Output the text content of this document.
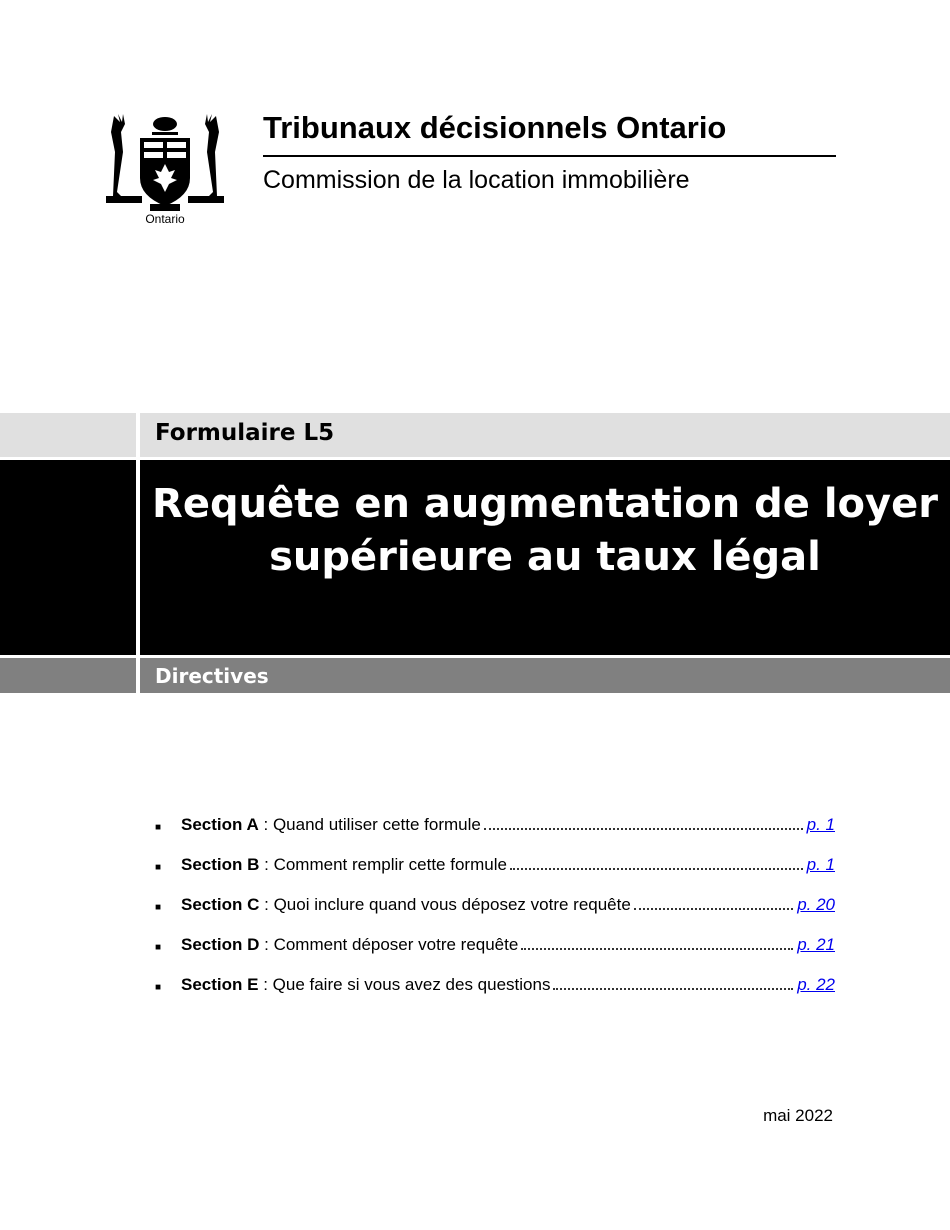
Ontario
Tribunaux décisionnels Ontario
Commission de la location immobilière
Formulaire L5
Requête en augmentation de loyer supérieure au taux légal
Directives
■	Section A : Quand utiliser cette formule	p. 1
■	Section B : Comment remplir cette formule	p. 1
■	Section C : Quoi inclure quand vous déposez votre requête	p. 20
■	Section D : Comment déposer votre requête	p. 21
■	Section E : Que faire si vous avez des questions	p. 22
mai 2022
